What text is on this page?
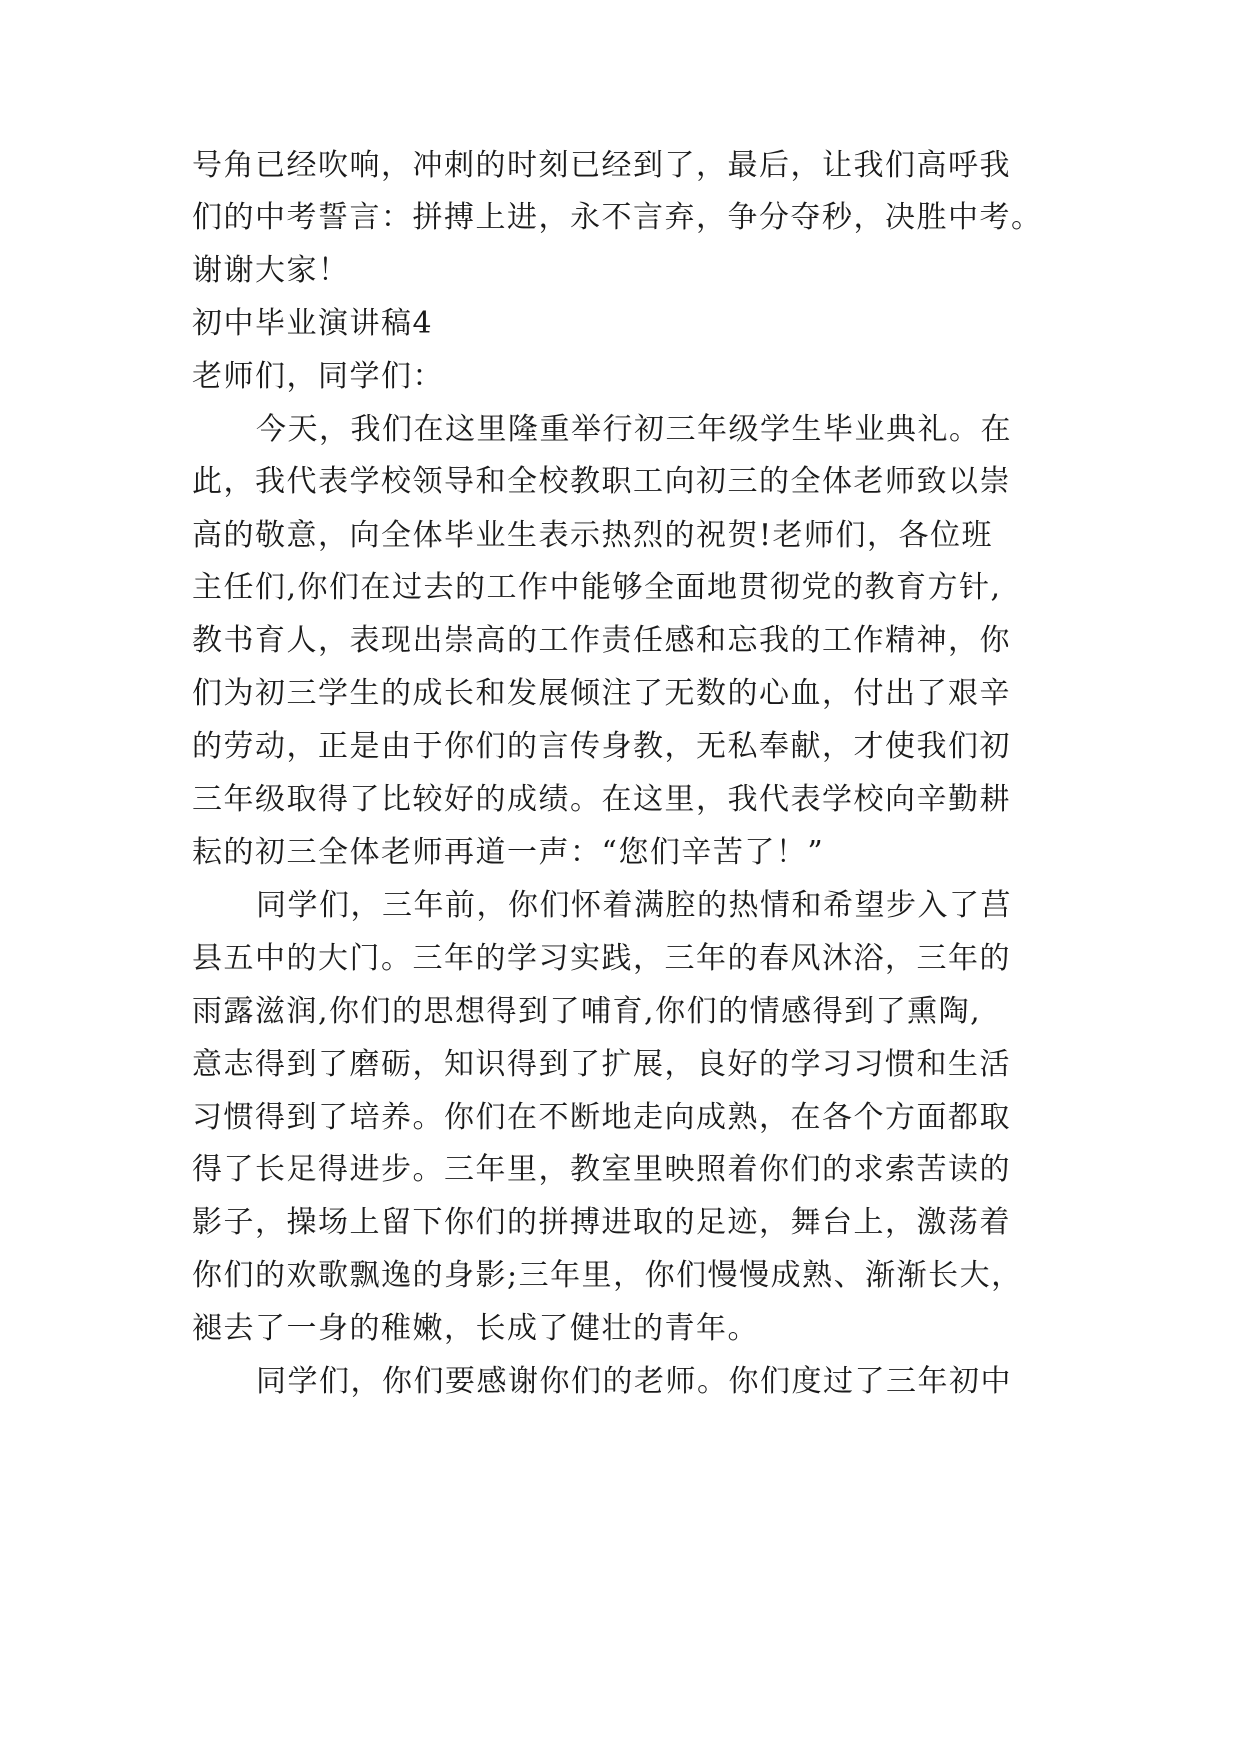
号角已经吹响，冲刺的时刻已经到了，最后，让我们高呼我

们的中考誓言：拼搏上进，永不言弃，争分夺秒，决胜中考。

谢谢大家！

初中毕业演讲稿4

老师们，同学们：

今天，我们在这里隆重举行初三年级学生毕业典礼。在

此，我代表学校领导和全校教职工向初三的全体老师致以崇

高的敬意，向全体毕业生表示热烈的祝贺!老师们，各位班

主任们,你们在过去的工作中能够全面地贯彻党的教育方针,

教书育人，表现出崇高的工作责任感和忘我的工作精神，你

们为初三学生的成长和发展倾注了无数的心血，付出了艰辛

的劳动，正是由于你们的言传身教，无私奉献，才使我们初

三年级取得了比较好的成绩。在这里，我代表学校向辛勤耕

耘的初三全体老师再道一声：“您们辛苦了！”

同学们，三年前，你们怀着满腔的热情和希望步入了莒

县五中的大门。三年的学习实践，三年的春风沐浴，三年的

雨露滋润,你们的思想得到了哺育,你们的情感得到了熏陶,

意志得到了磨砺，知识得到了扩展，良好的学习习惯和生活

习惯得到了培养。你们在不断地走向成熟，在各个方面都取

得了长足得进步。三年里，教室里映照着你们的求索苦读的

影子，操场上留下你们的拼搏进取的足迹，舞台上，激荡着

你们的欢歌飘逸的身影;三年里，你们慢慢成熟、渐渐长大，

褪去了一身的稚嫩，长成了健壮的青年。

同学们，你们要感谢你们的老师。你们度过了三年初中
